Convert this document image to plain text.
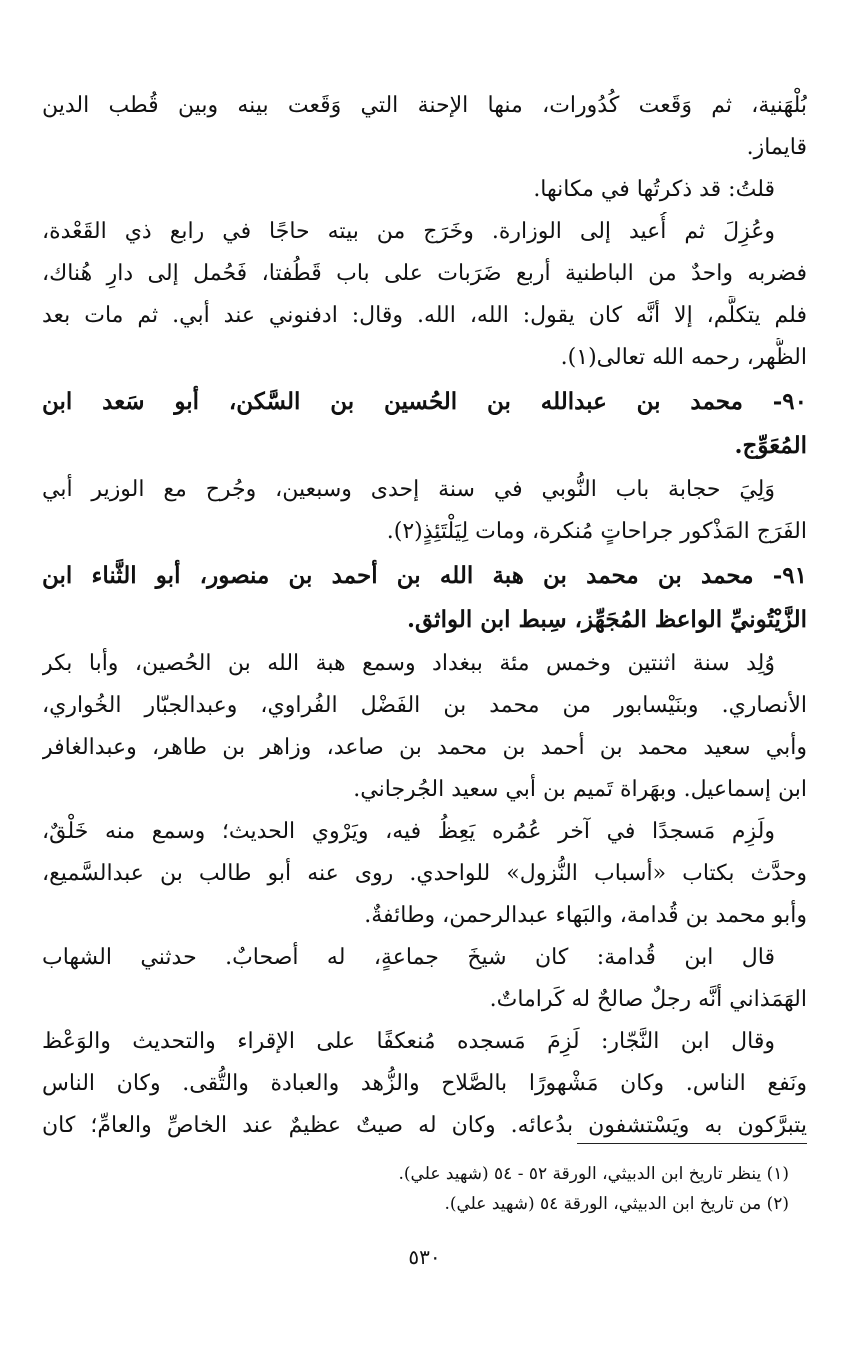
بُلْهَنية، ثم وَقَعت كُدُورات، منها الإحنة التي وَقَعت بينه وبين قُطب الدين
قايماز.
قلتُ: قد ذكرتُها في مكانها.
وعُزِلَ ثم أُعيد إلى الوزارة. وخَرَج من بيته حاجًا في رابع ذي القَعْدة،
فضربه واحدٌ من الباطنية أربع ضَرَبات على باب قَطُفتا، فَحُمل إلى دارِ هُناك،
فلم يتكلَّم، إلا أنَّه كان يقول: الله، الله. وقال: ادفنوني عند أبي. ثم مات بعد
الظُّهر، رحمه الله تعالى(١).
٩٠- محمد بن عبدالله بن الحُسين بن السَّكن، أبو سَعد ابن
المُعَوِّج.
وَلِيَ حجابة باب النُّوبي في سنة إحدى وسبعين، وجُرح مع الوزير أبي
الفَرَج المَذْكور جراحاتٍ مُنكرة، ومات لِيَلْتَئِذٍ(٢).
٩١- محمد بن محمد بن هبة الله بن أحمد بن منصور، أبو الثَّناء ابن
الزَّيْتُونيِّ الواعظ المُجَهِّز، سِبط ابن الواثق.
وُلِد سنة اثنتين وخمس مئة ببغداد وسمع هبة الله بن الحُصين، وأبا بكر
الأنصاري. وبنَيْسابور من محمد بن الفَضْل الفُراوي، وعبدالجبّار الخُواري،
وأبي سعيد محمد بن أحمد بن محمد بن صاعد، وزاهر بن طاهر، وعبدالغافر
ابن إسماعيل. وبهَراة تَميم بن أبي سعيد الجُرجاني.
ولَزِم مَسجدًا في آخر عُمُره يَعِظُ فيه، ويَرْوي الحديث؛ وسمع منه خَلْقٌ،
وحدَّث بكتاب «أسباب النُّزول» للواحدي. روى عنه أبو طالب بن عبدالسَّميع،
وأبو محمد بن قُدامة، والبَهاء عبدالرحمن، وطائفةٌ.
قال ابن قُدامة: كان شيخَ جماعةٍ، له أصحابٌ. حدثني الشهاب
الهَمَذاني أنَّه رجلٌ صالحٌ له كَراماتٌ.
وقال ابن النَّجّار: لَزِمَ مَسجده مُنعكفًا على الإقراء والتحديث والوَعْظ
ونَفع الناس. وكان مَشْهورًا بالصَّلاح والزُّهد والعبادة والتُّقى. وكان الناس
يتبرَّكون به ويَسْتشفون بدُعائه. وكان له صيتٌ عظيمٌ عند الخاصِّ والعامِّ؛ كان
(١) ينظر تاريخ ابن الدبيثي، الورقة ٥٢ - ٥٤ (شهيد علي).
(٢) من تاريخ ابن الدبيثي، الورقة ٥٤ (شهيد علي).
٥٣٠
